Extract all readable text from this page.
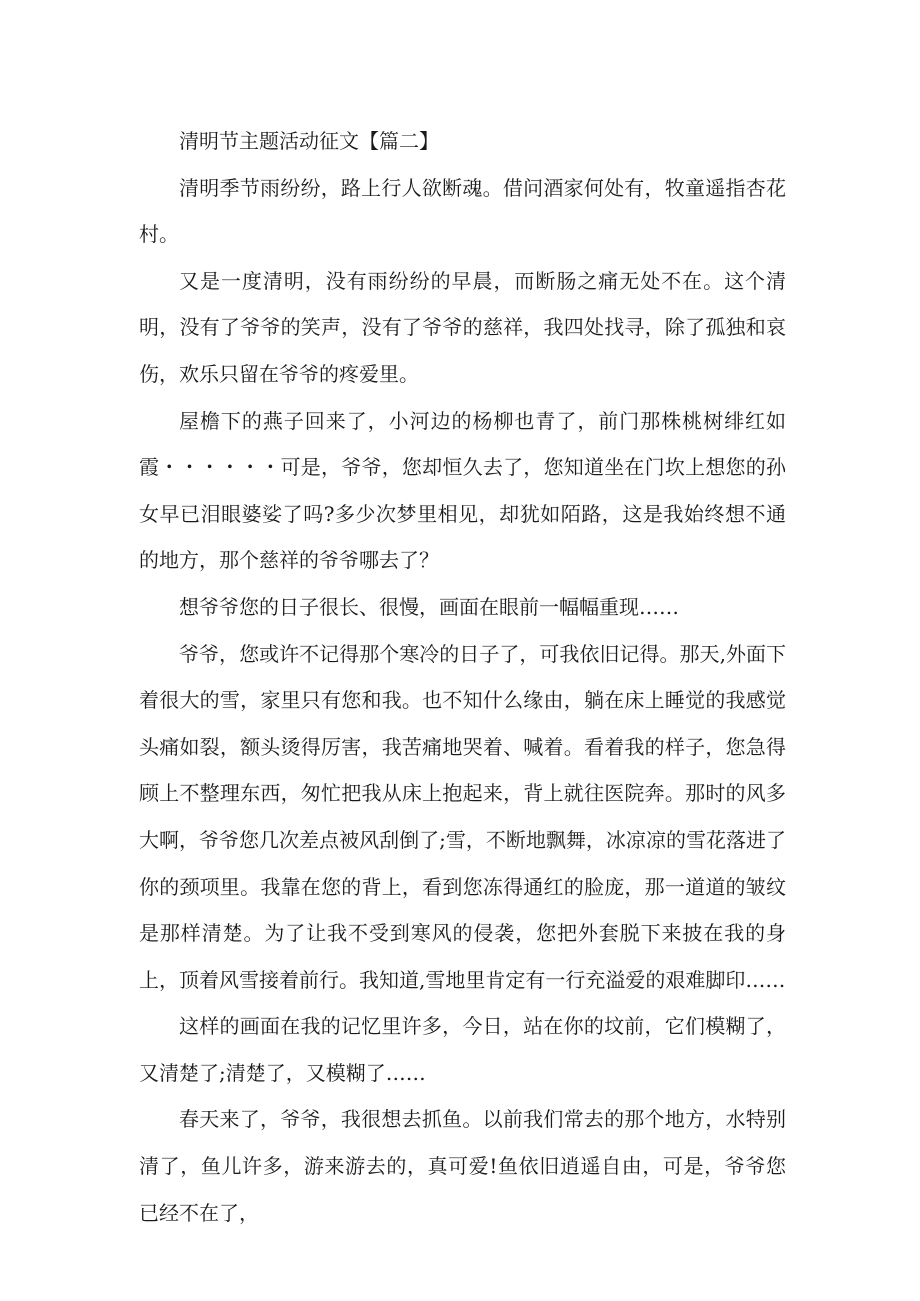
清明节主题活动征文【篇二】

清明季节雨纷纷，路上行人欲断魂。借问酒家何处有，牧童遥指杏花村。

又是一度清明，没有雨纷纷的早晨，而断肠之痛无处不在。这个清明，没有了爷爷的笑声，没有了爷爷的慈祥，我四处找寻，除了孤独和哀伤，欢乐只留在爷爷的疼爱里。

屋檐下的燕子回来了，小河边的杨柳也青了，前门那株桃树绯红如霞・・・・・・可是，爷爷，您却恒久去了，您知道坐在门坎上想您的孙女早已泪眼婆娑了吗?多少次梦里相见，却犹如陌路，这是我始终想不通的地方，那个慈祥的爷爷哪去了？

想爷爷您的日子很长、很慢，画面在眼前一幅幅重现……

爷爷，您或许不记得那个寒冷的日子了，可我依旧记得。那天,外面下着很大的雪，家里只有您和我。也不知什么缘由，躺在床上睡觉的我感觉头痛如裂，额头烫得厉害，我苦痛地哭着、喊着。看着我的样子，您急得顾上不整理东西，匆忙把我从床上抱起来，背上就往医院奔。那时的风多大啊，爷爷您几次差点被风刮倒了;雪，不断地飘舞，冰凉凉的雪花落进了你的颈项里。我靠在您的背上，看到您冻得通红的脸庞，那一道道的皱纹是那样清楚。为了让我不受到寒风的侵袭，您把外套脱下来披在我的身上，顶着风雪接着前行。我知道,雪地里肯定有一行充溢爱的艰难脚印……

这样的画面在我的记忆里许多，今日，站在你的坟前，它们模糊了，又清楚了;清楚了，又模糊了……

春天来了，爷爷，我很想去抓鱼。以前我们常去的那个地方，水特别清了，鱼儿许多，游来游去的，真可爱!鱼依旧逍遥自由，可是，爷爷您已经不在了，
